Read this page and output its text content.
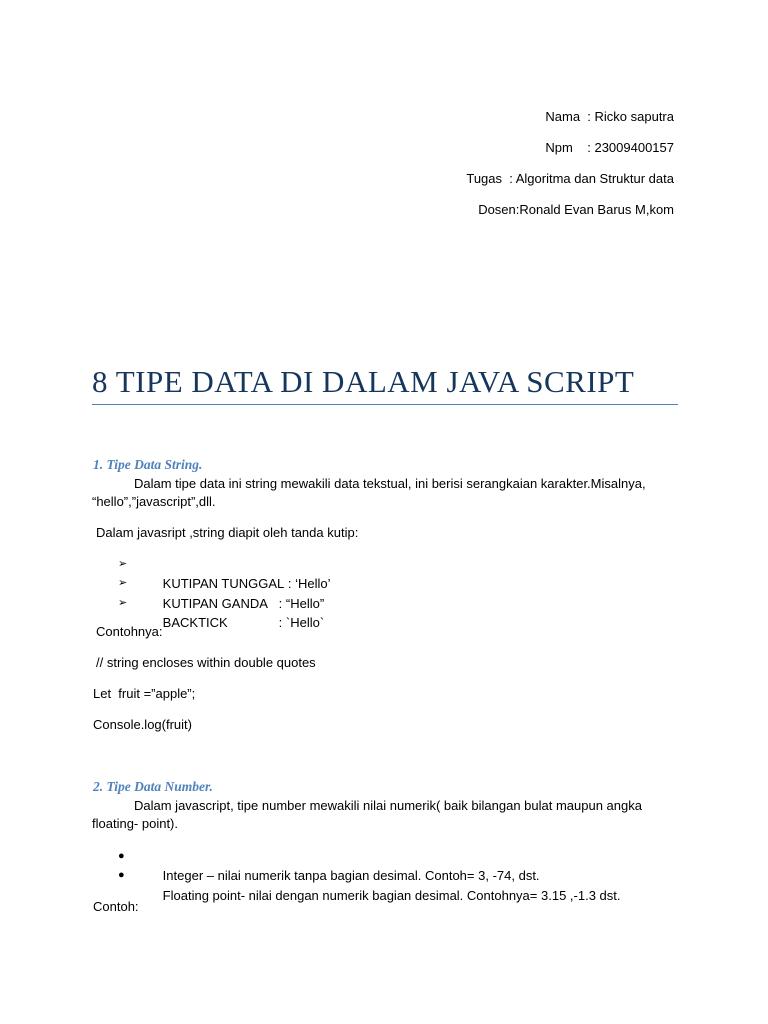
Nama  : Ricko saputra
Npm    : 23009400157
Tugas  : Algoritma dan Struktur data
Dosen:Ronald Evan Barus M,kom
8 TIPE DATA DI DALAM JAVA SCRIPT
1. Tipe Data String.
Dalam tipe data ini string mewakili data tekstual, ini berisi serangkaian karakter.Misalnya, “hello”,”javascript”,dll.
Dalam javasript ,string diapit oleh tanda kutip:

➢
KUTIPAN TUNGGAL : ‘Hello’

➢
KUTIPAN GANDA : “Hello”

➢
BACKTICK	: `Hello`

Contohnya:
// string encloses within double quotes
Let  fruit =”apple”;
Console.log(fruit)
2. Tipe Data Number.
Dalam javascript, tipe number mewakili nilai numerik( baik bilangan bulat maupun angka floating- point).

●
Integer – nilai numerik tanpa bagian desimal. Contoh= 3, -74, dst.

●
Floating point- nilai dengan numerik bagian desimal. Contohnya= 3.15 ,-1.3 dst.

Contoh:
